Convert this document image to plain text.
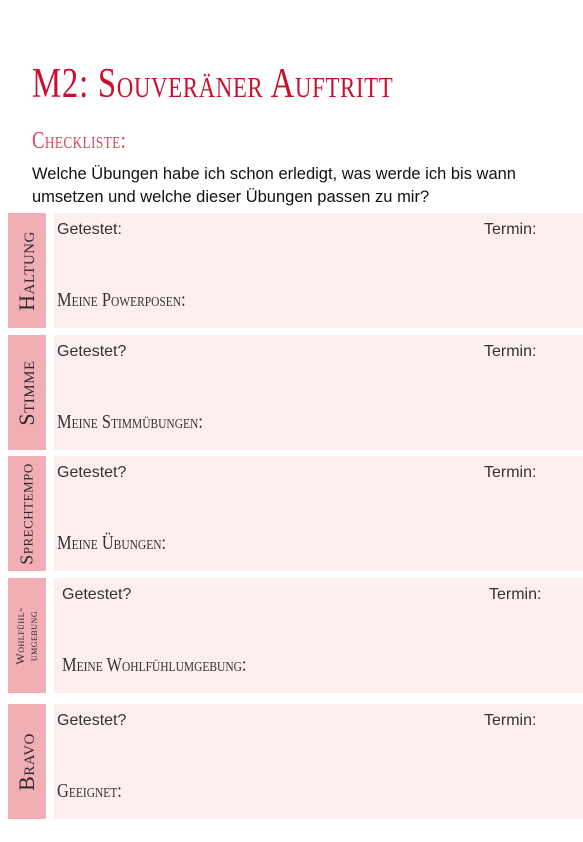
M2: Souveräner Auftritt
Checkliste:
Welche Übungen habe ich schon erledigt, was werde ich bis wann umsetzen und welche dieser Übungen passen zu mir?
Haltung
Getestet:	Termin:
Meine Powerposen:
Stimme
Getestet?	Termin:
Meine Stimmübungen:
Sprechtempo Getestet?	Termin:
Meine Übungen:
Wohlfühl- umgebung
Getestet?	Termin:
Meine Wohlfühlumgebung:
Bravo
Getestet?	Termin:
Geeignet:
